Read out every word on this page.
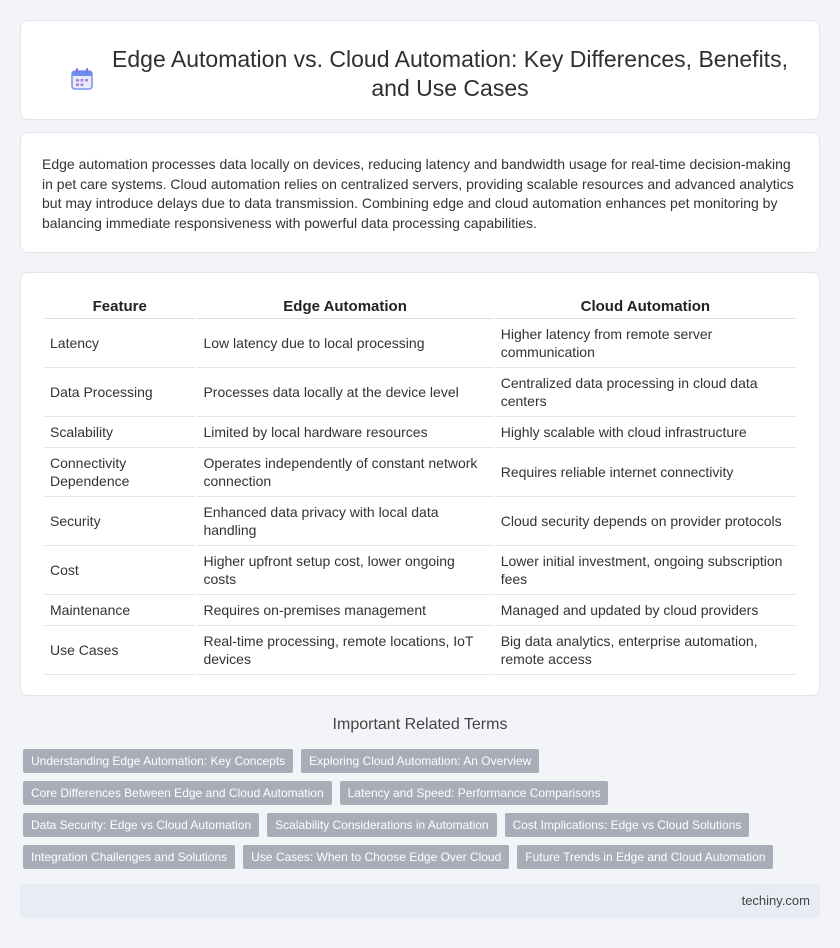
Edge Automation vs. Cloud Automation: Key Differences, Benefits, and Use Cases

Edge automation processes data locally on devices, reducing latency and bandwidth usage for real-time decision-making in pet care systems. Cloud automation relies on centralized servers, providing scalable resources and advanced analytics but may introduce delays due to data transmission. Combining edge and cloud automation enhances pet monitoring by balancing immediate responsiveness with powerful data processing capabilities.

Feature	Edge Automation	Cloud Automation
Latency	Low latency due to local processing	Higher latency from remote server communication
Data Processing	Processes data locally at the device level	Centralized data processing in cloud data centers
Scalability	Limited by local hardware resources	Highly scalable with cloud infrastructure
Connectivity Dependence	Operates independently of constant network connection	Requires reliable internet connectivity
Security	Enhanced data privacy with local data handling	Cloud security depends on provider protocols
Cost	Higher upfront setup cost, lower ongoing costs	Lower initial investment, ongoing subscription fees
Maintenance	Requires on-premises management	Managed and updated by cloud providers
Use Cases	Real-time processing, remote locations, IoT devices	Big data analytics, enterprise automation, remote access
Important Related Terms
Understanding Edge Automation: Key Concepts	Exploring Cloud Automation: An Overview
Core Differences Between Edge and Cloud Automation	Latency and Speed: Performance Comparisons
Data Security: Edge vs Cloud Automation	Scalability Considerations in Automation	Cost Implications: Edge vs Cloud Solutions
Integration Challenges and Solutions	Use Cases: When to Choose Edge Over Cloud	Future Trends in Edge and Cloud Automation
techiny.com
